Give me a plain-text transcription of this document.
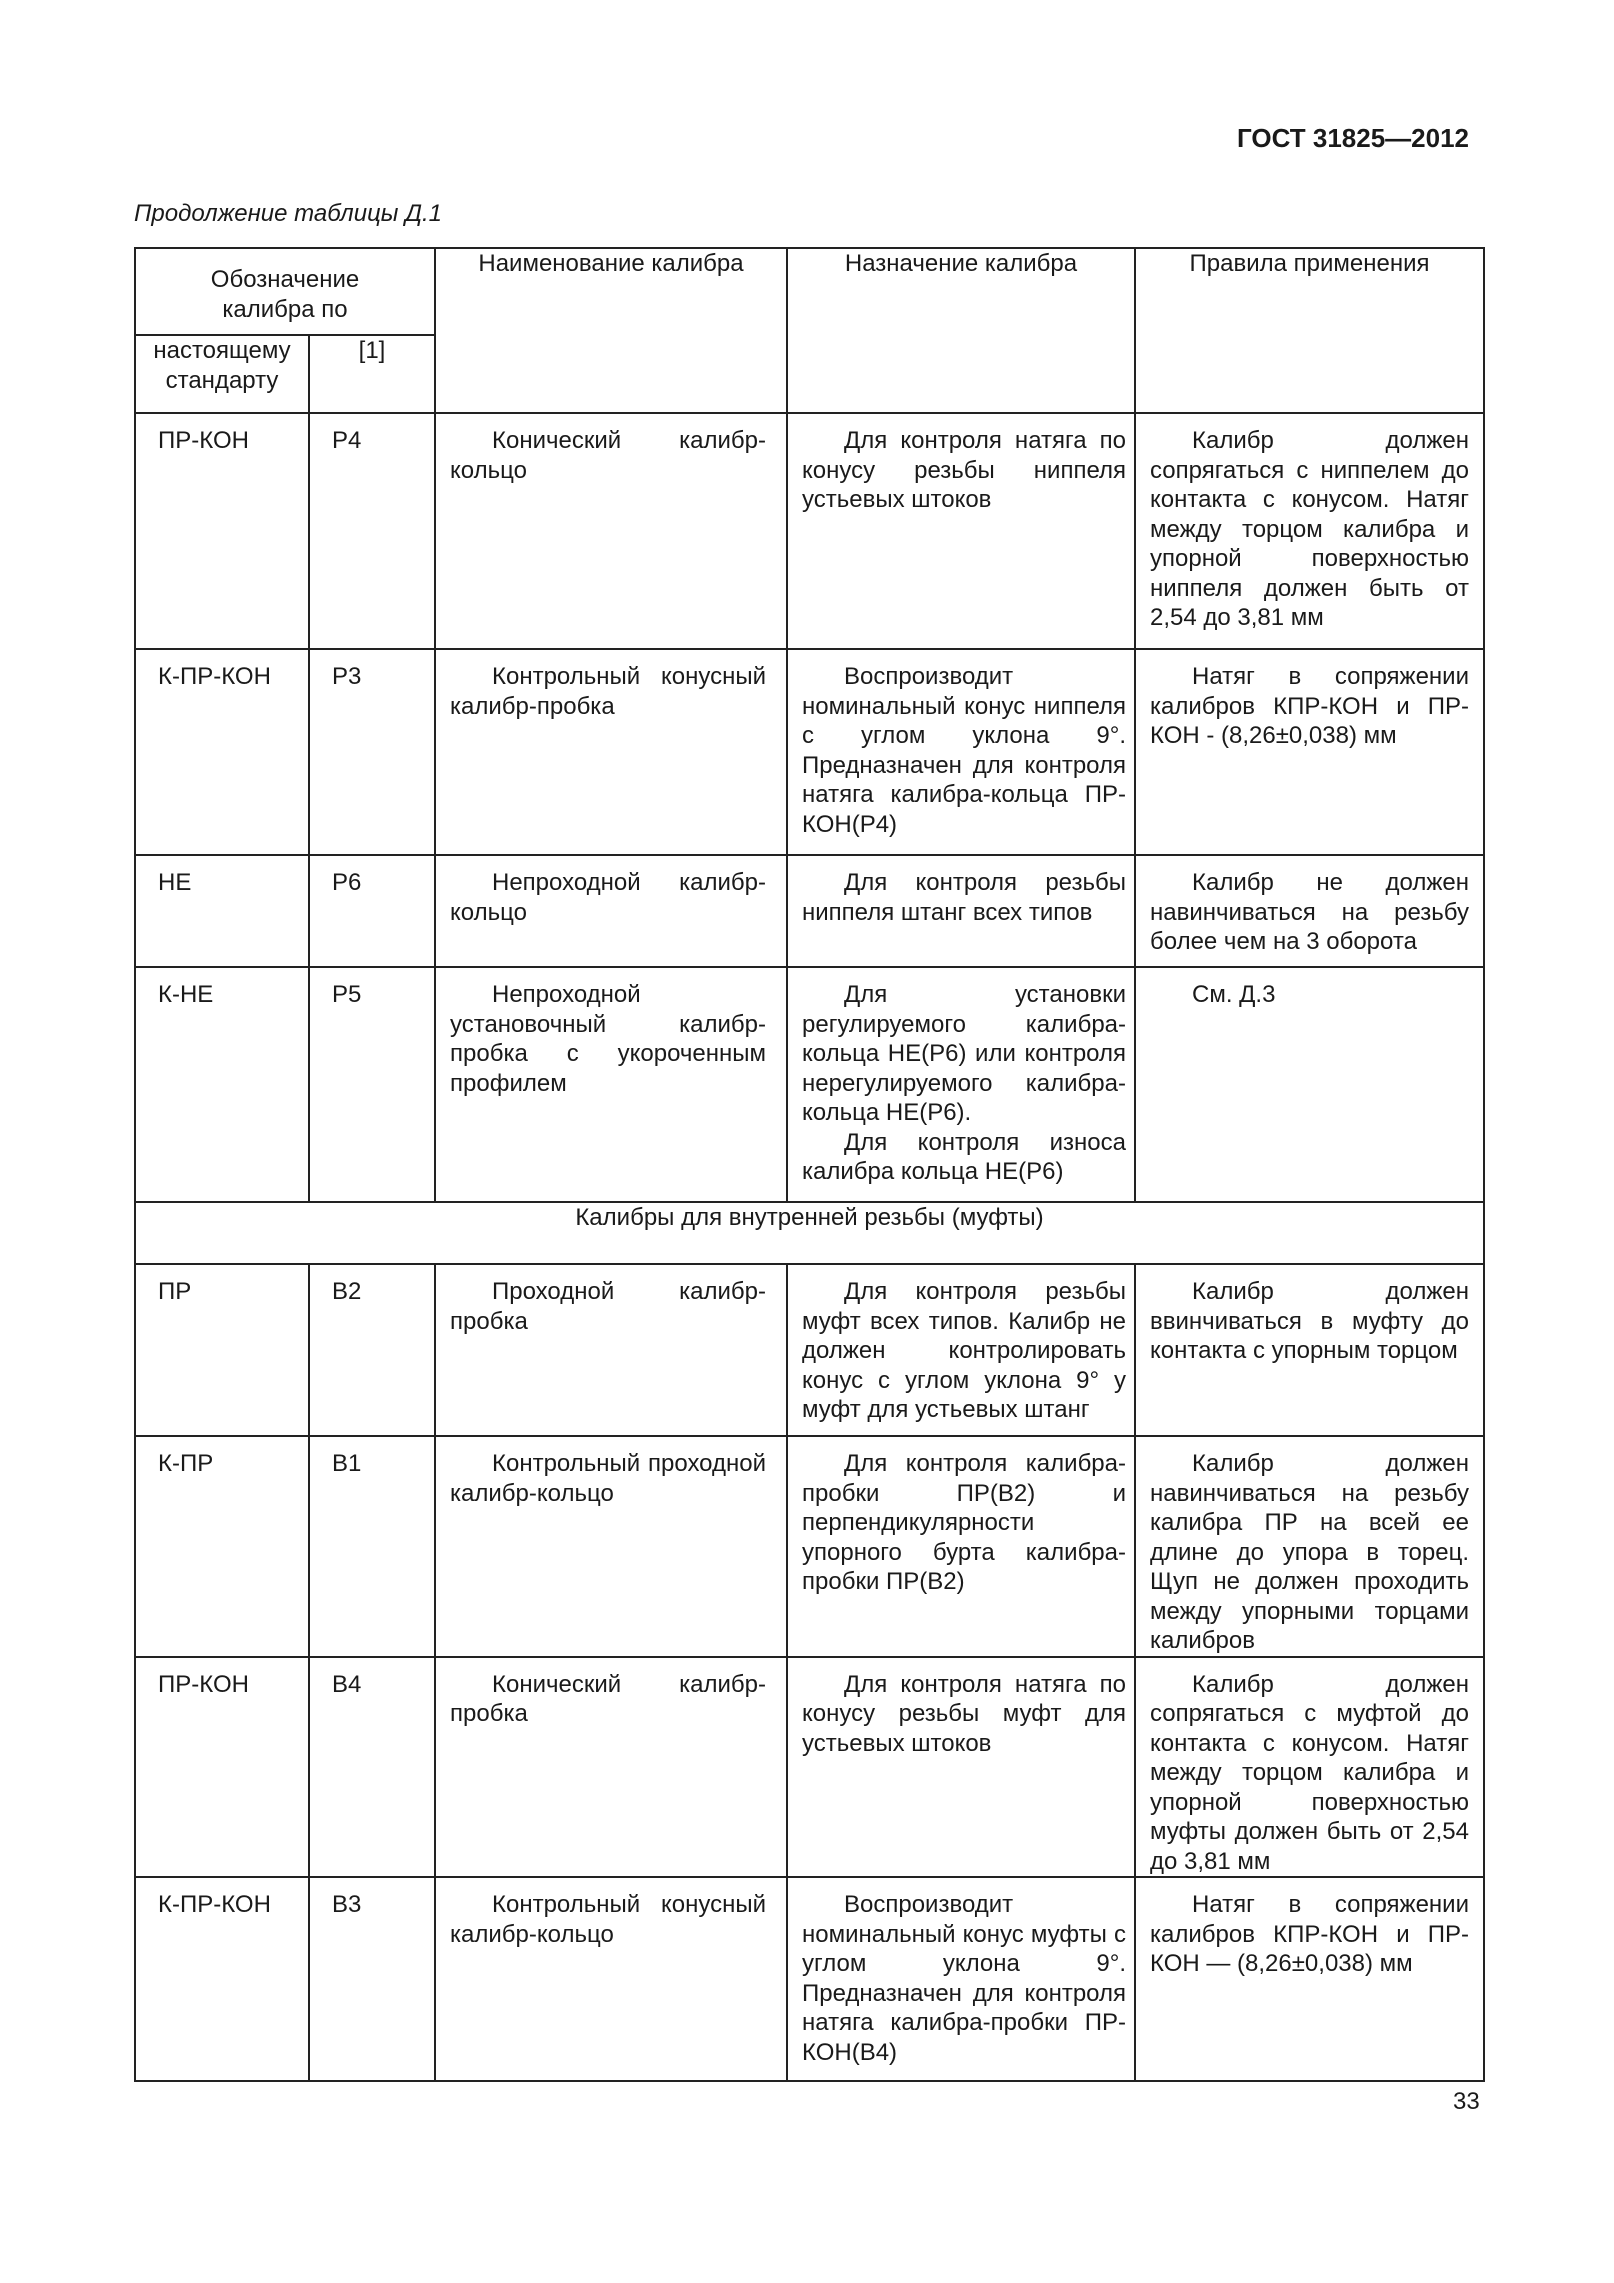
ГОСТ 31825—2012
Продолжение таблицы Д.1
Обозначение калибра по		Наименование калибра	Назначение калибра	Правила применения

настоящему стандарту	[1]			

ПР-КОН	Р4	Конический калибр-кольцо	Для контроля натяга по конусу резьбы ниппеля устьевых штоков	Калибр должен сопрягаться с ниппелем до контакта с конусом. Натяг между торцом калибра и упорной поверхностью ниппеля должен быть от 2,54 до 3,81 мм

К-ПР-КОН	Р3	Контрольный конусный калибр-пробка	Воспроизводит номинальный конус ниппеля с углом уклона 9°. Предназначен для контроля натяга калибра-кольца ПР-КОН(Р4)	Натяг в сопряжении калибров КПР-КОН и ПР-КОН - (8,26±0,038) мм

НЕ	Р6	Непроходной калибр-кольцо	Для контроля резьбы ниппеля штанг всех типов	Калибр не должен навинчиваться на резьбу более чем на 3 оборота

К-НЕ	Р5	Непроходной установочный калибр-пробка с укороченным профилем	Для установки регулируемого калибра-кольца НЕ(Р6) или контроля нерегулируемого калибра-кольца НЕ(Р6).
Для контроля износа калибра кольца НЕ(Р6)	См. Д.3

Калибры для внутренней резьбы (муфты)				

ПР	В2	Проходной калибр-пробка	Для контроля резьбы муфт всех типов. Калибр не должен контролировать конус с углом уклона 9° у муфт для устьевых штанг	Калибр должен ввинчиваться в муфту до контакта с упорным торцом

К-ПР	В1	Контрольный проходной калибр-кольцо	Для контроля калибра-пробки ПР(В2) и перпендикулярности упорного бурта калибра-пробки ПР(В2)	Калибр должен навинчиваться на резьбу калибра ПР на всей ее длине до упора в торец. Щуп не должен проходить между упорными торцами калибров

ПР-КОН	В4	Конический калибр-пробка	Для контроля натяга по конусу резьбы муфт для устьевых штоков	Калибр должен сопрягаться с муфтой до контакта с конусом. Натяг между торцом калибра и упорной поверхностью муфты должен быть от 2,54 до 3,81 мм

К-ПР-КОН	В3	Контрольный конусный калибр-кольцо	Воспроизводит номинальный конус муфты с углом уклона 9°. Предназначен для контроля натяга калибра-пробки ПР-КОН(В4)	Натяг в сопряжении калибров КПР-КОН и ПР-КОН — (8,26±0,038) мм
33
